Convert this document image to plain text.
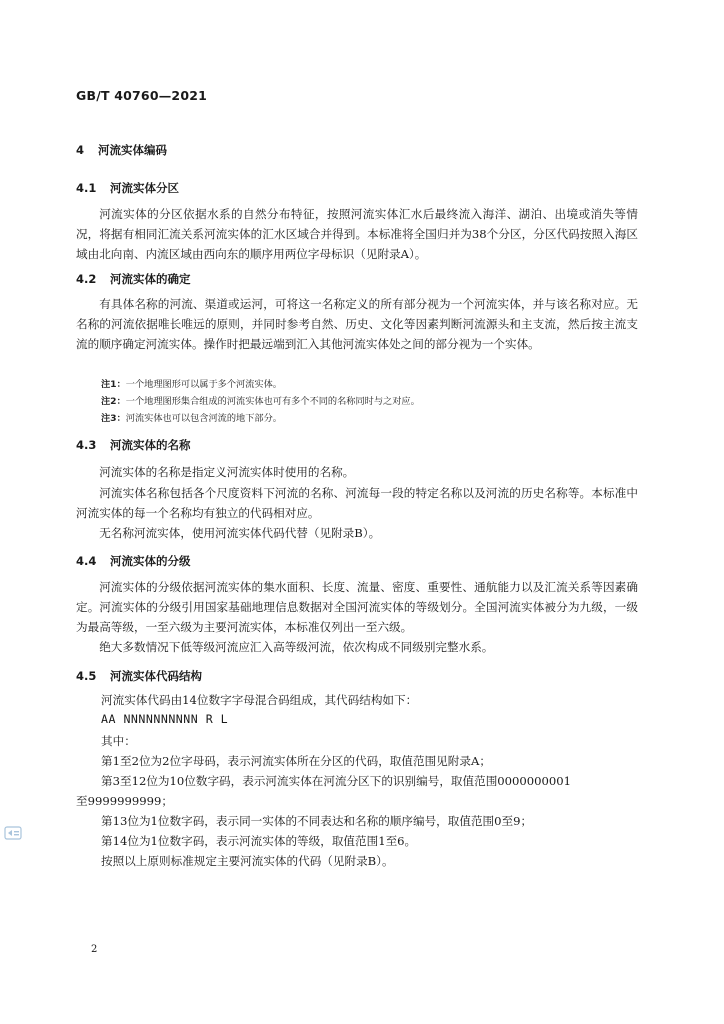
GB/T 40760—2021
4 河流实体编码
4.1 河流实体分区
河流实体的分区依据水系的自然分布特征，按照河流实体汇水后最终流入海洋、湖泊、出境或消失等情况，将据有相同汇流关系河流实体的汇水区域合并得到。本标准将全国归并为38个分区，分区代码按照入海区域由北向南、内流区域由西向东的顺序用两位字母标识（见附录A）。
4.2 河流实体的确定
有具体名称的河流、渠道或运河，可将这一名称定义的所有部分视为一个河流实体，并与该名称对应。无名称的河流依据唯长唯远的原则，并同时参考自然、历史、文化等因素判断河流源头和主支流，然后按主流支流的顺序确定河流实体。操作时把最远端到汇入其他河流实体处之间的部分视为一个实体。
注1：一个地理图形可以属于多个河流实体。
注2：一个地理图形集合组成的河流实体也可有多个不同的名称同时与之对应。
注3：河流实体也可以包含河流的地下部分。
4.3 河流实体的名称
河流实体的名称是指定义河流实体时使用的名称。
河流实体名称包括各个尺度资料下河流的名称、河流每一段的特定名称以及河流的历史名称等。本标准中河流实体的每一个名称均有独立的代码相对应。
无名称河流实体，使用河流实体代码代替（见附录B）。
4.4 河流实体的分级
河流实体的分级依据河流实体的集水面积、长度、流量、密度、重要性、通航能力以及汇流关系等因素确定。河流实体的分级引用国家基础地理信息数据对全国河流实体的等级划分。全国河流实体被分为九级，一级为最高等级，一至六级为主要河流实体，本标准仅列出一至六级。
绝大多数情况下低等级河流应汇入高等级河流，依次构成不同级别完整水系。
4.5 河流实体代码结构
河流实体代码由14位数字字母混合码组成，其代码结构如下：
AA NNNNNNNNNN R L
其中：
第1至2位为2位字母码，表示河流实体所在分区的代码，取值范围见附录A；
第3至12位为10位数字码，表示河流实体在河流分区下的识别编号，取值范围0000000001
至9999999999；
第13位为1位数字码，表示同一实体的不同表达和名称的顺序编号，取值范围0至9；
第14位为1位数字码，表示河流实体的等级，取值范围1至6。
按照以上原则标准规定主要河流实体的代码（见附录B）。
2
